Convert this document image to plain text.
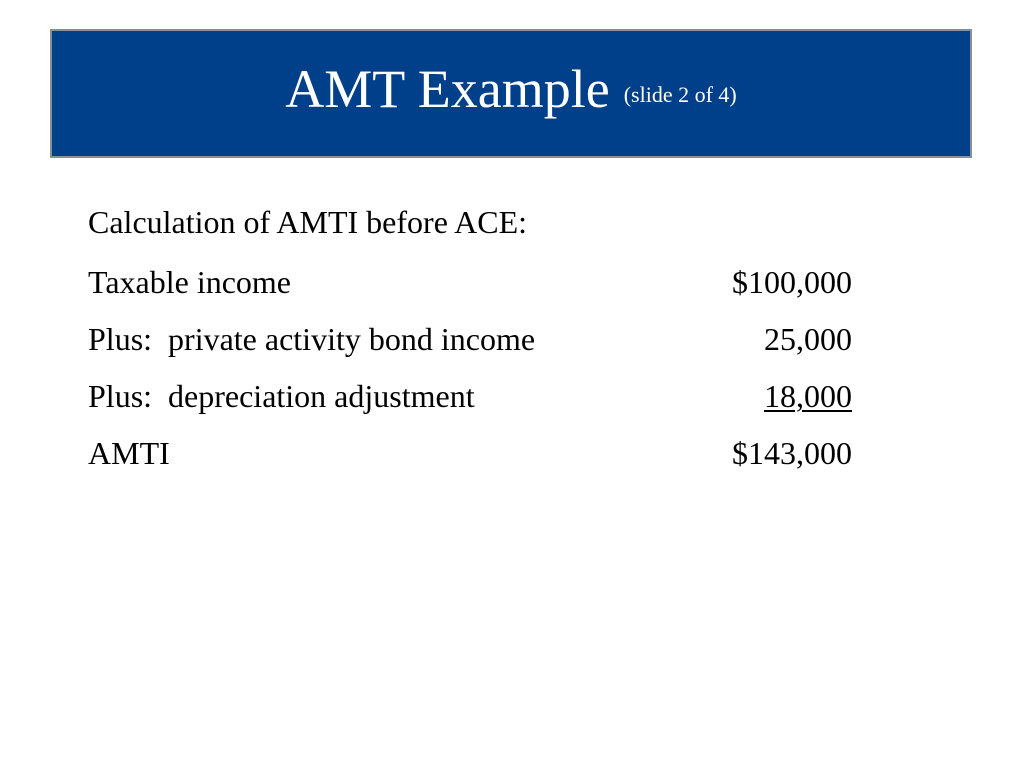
AMT Example (slide 2 of 4)
Calculation of AMTI before ACE:
Taxable income	$100,000
Plus:  private activity bond income	25,000
Plus:  depreciation adjustment	18,000
AMTI	$143,000
